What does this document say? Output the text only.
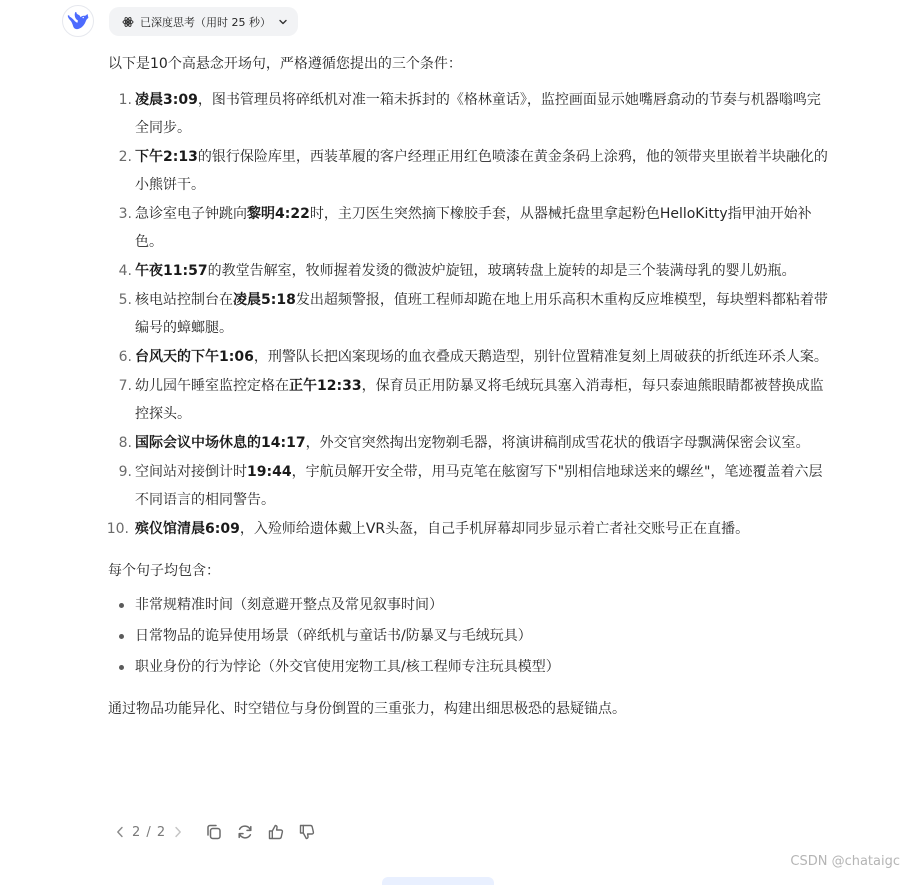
已深度思考（用时 25 秒）

以下是10个高悬念开场句，严格遵循您提出的三个条件：

1. 凌晨3:09，图书管理员将碎纸机对准一箱未拆封的《格林童话》，监控画面显示她嘴唇翕动的节奏与机器嗡鸣完全同步。
2. 下午2:13的银行保险库里，西装革履的客户经理正用红色喷漆在黄金条码上涂鸦，他的领带夹里嵌着半块融化的小熊饼干。
3. 急诊室电子钟跳向黎明4:22时，主刀医生突然摘下橡胶手套，从器械托盘里拿起粉色HelloKitty指甲油开始补色。
4. 午夜11:57的教堂告解室，牧师握着发烫的微波炉旋钮，玻璃转盘上旋转的却是三个装满母乳的婴儿奶瓶。
5. 核电站控制台在凌晨5:18发出超频警报，值班工程师却跪在地上用乐高积木重构反应堆模型，每块塑料都粘着带编号的蟑螂腿。
6. 台风天的下午1:06，刑警队长把凶案现场的血衣叠成天鹅造型，别针位置精准复刻上周破获的折纸连环杀人案。
7. 幼儿园午睡室监控定格在正午12:33，保育员正用防暴叉将毛绒玩具塞入消毒柜，每只泰迪熊眼睛都被替换成监控探头。
8. 国际会议中场休息的14:17，外交官突然掏出宠物剃毛器，将演讲稿削成雪花状的俄语字母飘满保密会议室。
9. 空间站对接倒计时19:44，宇航员解开安全带，用马克笔在舷窗写下"别相信地球送来的螺丝"，笔迹覆盖着六层不同语言的相同警告。
10. 殡仪馆清晨6:09，入殓师给遗体戴上VR头盔，自己手机屏幕却同步显示着亡者社交账号正在直播。

每个句子均包含：

非常规精准时间（刻意避开整点及常见叙事时间）
日常物品的诡异使用场景（碎纸机与童话书/防暴叉与毛绒玩具）
职业身份的行为悖论（外交官使用宠物工具/核工程师专注玩具模型）

通过物品功能异化、时空错位与身份倒置的三重张力，构建出细思极恐的悬疑锚点。

2 / 2
CSDN @chataigc
